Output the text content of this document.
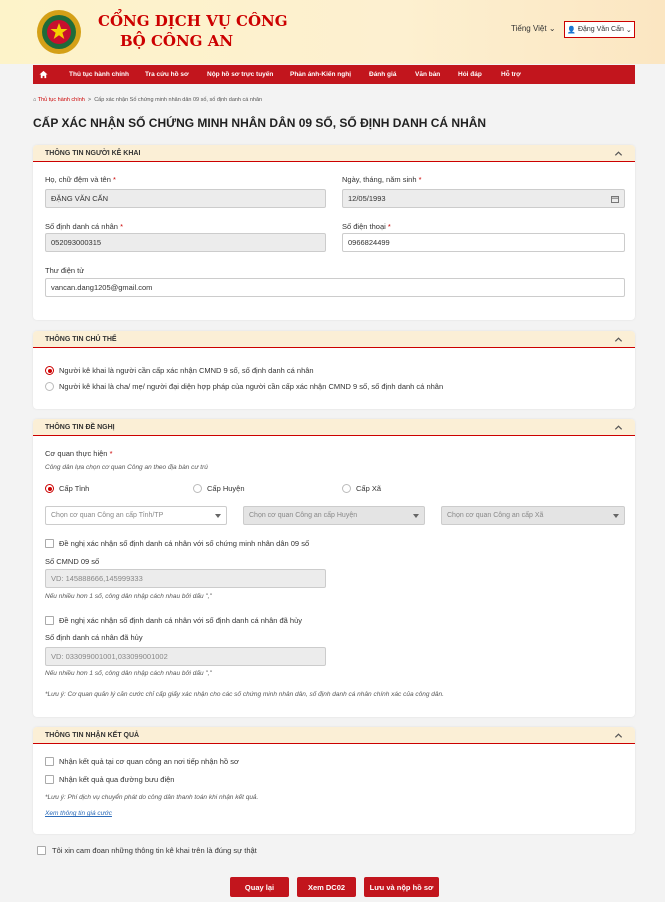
CỔNG DỊCH VỤ CÔNG
BỘ CÔNG AN
Tiếng Việt ⌄ 👤 Đặng Văn Cấn ⌄
Thủ tục hành chính Tra cứu hồ sơ	Nộp hồ sơ trực tuyến	Phản ánh-Kiến nghị	Đánh giá	Văn bản	Hỏi đáp	Hỗ trợ
⌂ Thủ tục hành chính  >  Cấp xác nhận Số chứng minh nhân dân 09 số, số định danh cá nhân
CẤP XÁC NHẬN SỐ CHỨNG MINH NHÂN DÂN 09 SỐ, SỐ ĐỊNH DANH CÁ NHÂN
THÔNG TIN NGƯỜI KÊ KHAI
Họ, chữ đệm và tên *
ĐẶNG VĂN CẤN
Ngày, tháng, năm sinh *
12/05/1993
Số định danh cá nhân *
052093000315
Số điện thoại *
0966824499
Thư điện tử
vancan.dang1205@gmail.com
THÔNG TIN CHỦ THỂ
Người kê khai là người cần cấp xác nhận CMND 9 số, số định danh cá nhân
Người kê khai là cha/ mẹ/ người đại diện hợp pháp của người cần cấp xác nhận CMND 9 số, số định danh cá nhân
THÔNG TIN ĐỀ NGHỊ
Cơ quan thực hiện *
Công dân lựa chọn cơ quan Công an theo địa bàn cư trú
Cấp Tỉnh	Cấp Huyện	Cấp Xã
Chọn cơ quan Công an cấp Tỉnh/TP	Chọn cơ quan Công an cấp Huyện	Chọn cơ quan Công an cấp Xã
Đề nghị xác nhận số định danh cá nhân với số chứng minh nhân dân 09 số
Số CMND 09 số
VD: 145888666,145999333
Nếu nhiều hơn 1 số, công dân nhập cách nhau bởi dấu ","
Đề nghị xác nhận số định danh cá nhân với số định danh cá nhân đã hủy
Số định danh cá nhân đã hủy
VD: 033099001001,033099001002
Nếu nhiều hơn 1 số, công dân nhập cách nhau bởi dấu ","
*Lưu ý: Cơ quan quản lý căn cước chỉ cấp giấy xác nhận cho các số chứng minh nhân dân, số định danh cá nhân chính xác của công dân.
THÔNG TIN NHẬN KẾT QUẢ
Nhận kết quả tại cơ quan công an nơi tiếp nhận hồ sơ
Nhận kết quả qua đường bưu điện
*Lưu ý: Phí dịch vụ chuyển phát do công dân thanh toán khi nhận kết quả.
Xem thông tin giá cước
Tôi xin cam đoan những thông tin kê khai trên là đúng sự thật
Quay lại	Xem DC02	Lưu và nộp hồ sơ
